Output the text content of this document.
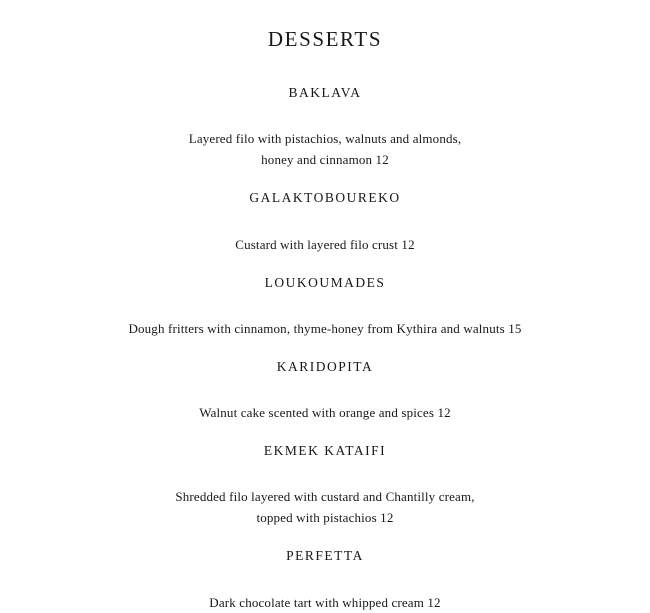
DESSERTS
BAKLAVA

Layered filo with pistachios, walnuts and almonds,
honey and cinnamon 12

GALAKTOBOUREKO

Custard with layered filo crust 12

LOUKOUMADES

Dough fritters with cinnamon, thyme-honey from Kythira and walnuts 15

KARIDOPITA

Walnut cake scented with orange and spices 12

EKMEK KATAIFI

Shredded filo layered with custard and Chantilly cream,
topped with pistachios 12

PERFETTA

Dark chocolate tart with whipped cream 12
